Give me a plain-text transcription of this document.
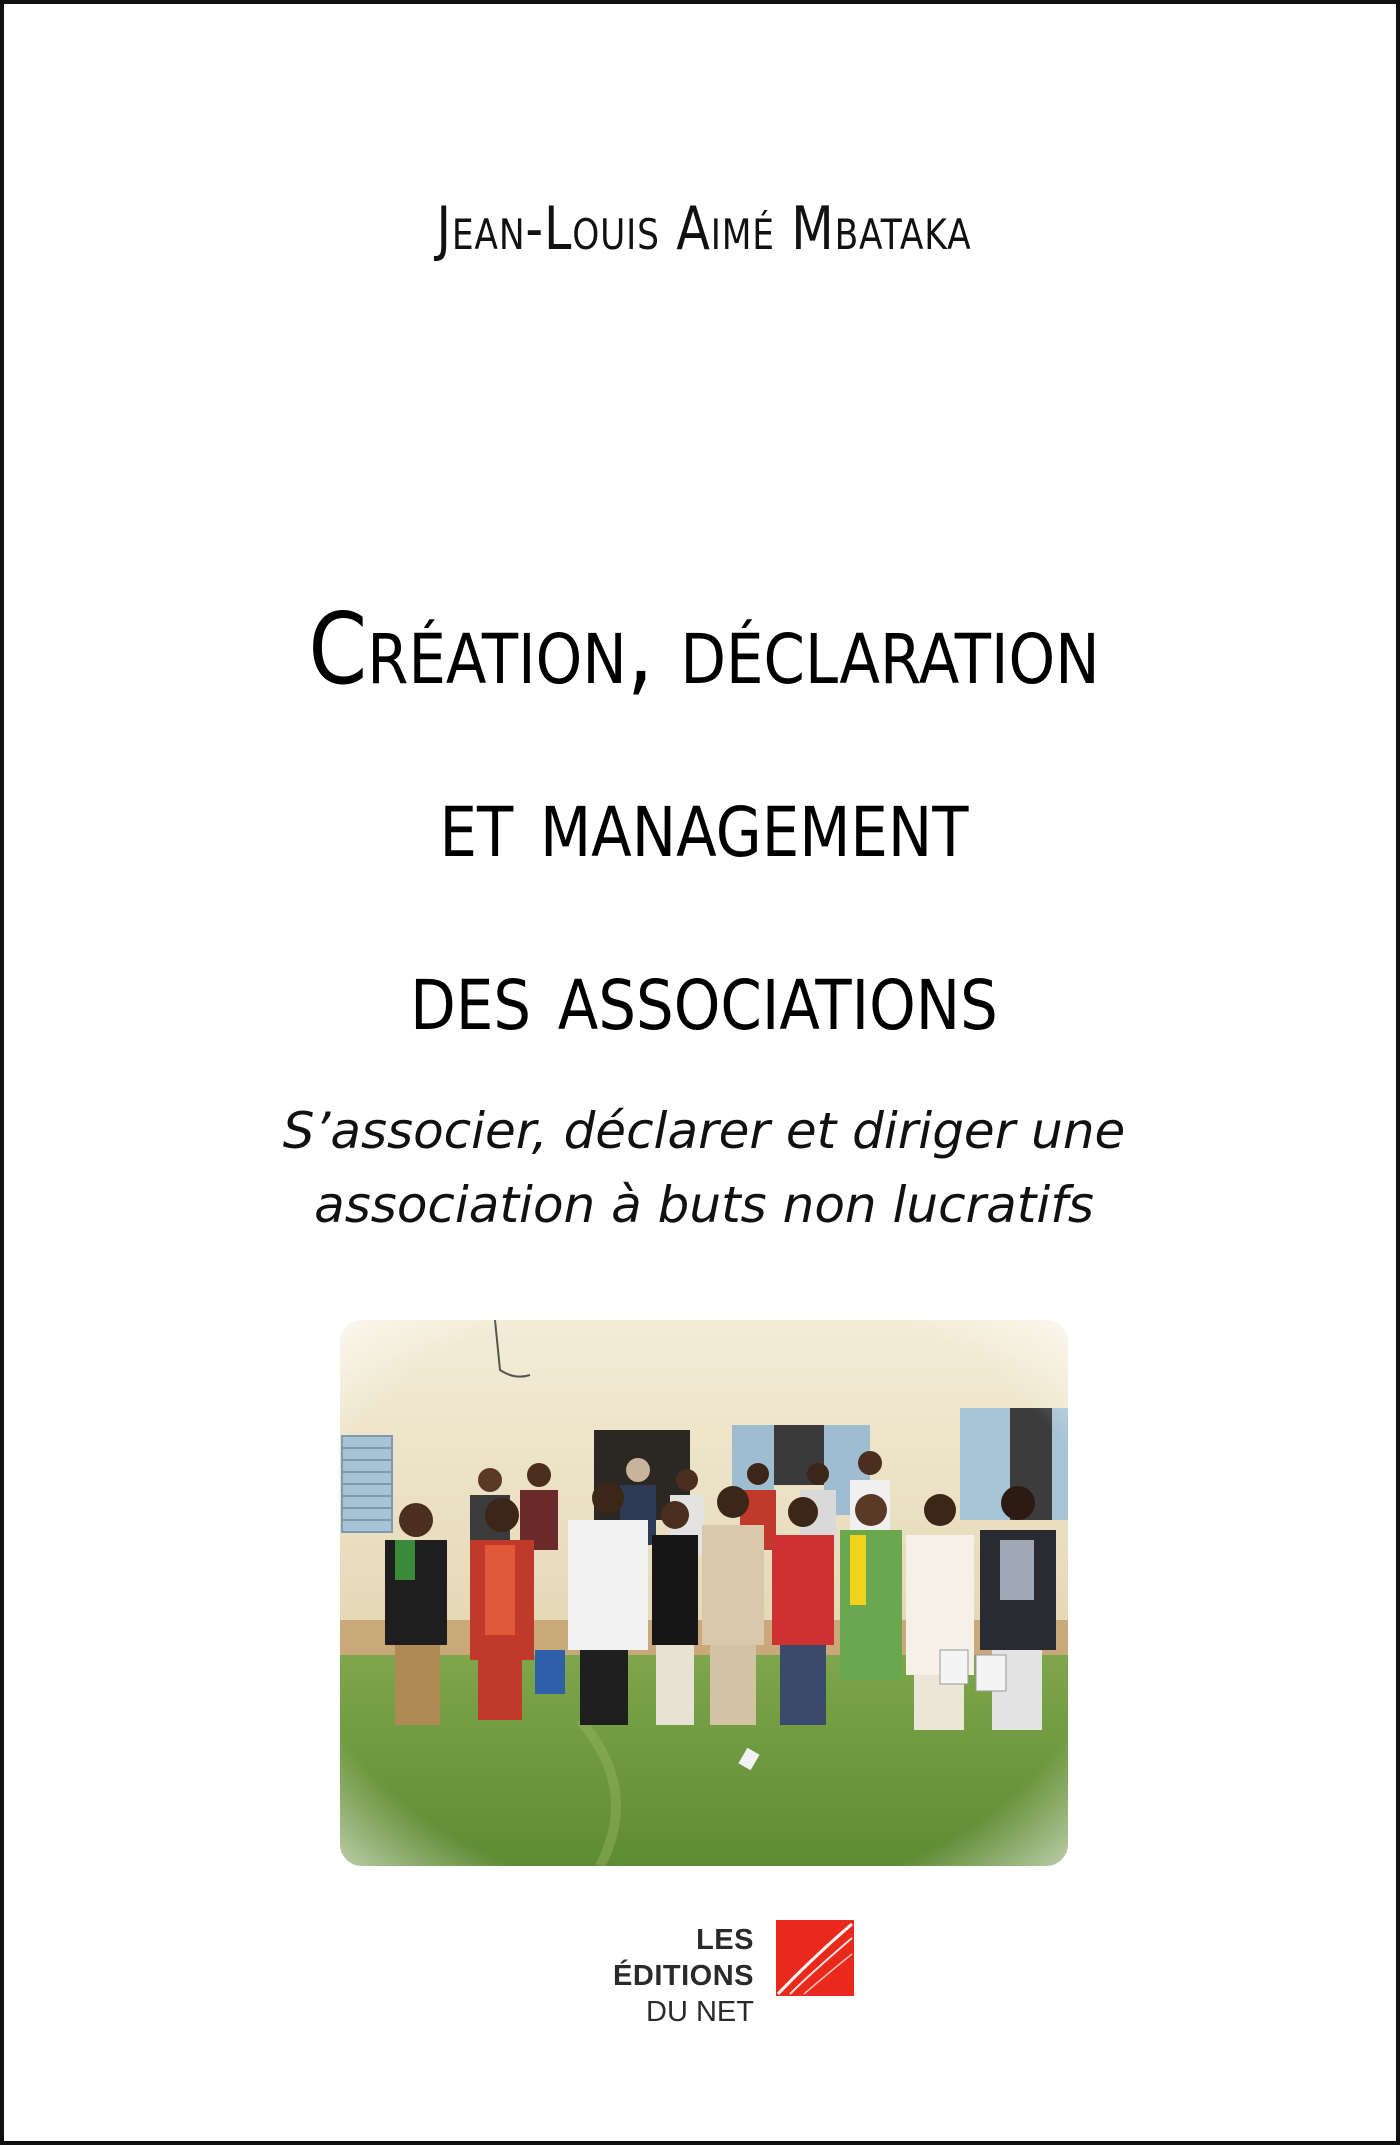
Jean-Louis Aimé Mbataka
Création, déclaration
et management
des associations
S’associer, déclarer et diriger une
association à buts non lucratifs
LES ÉDITIONS
DU NET
